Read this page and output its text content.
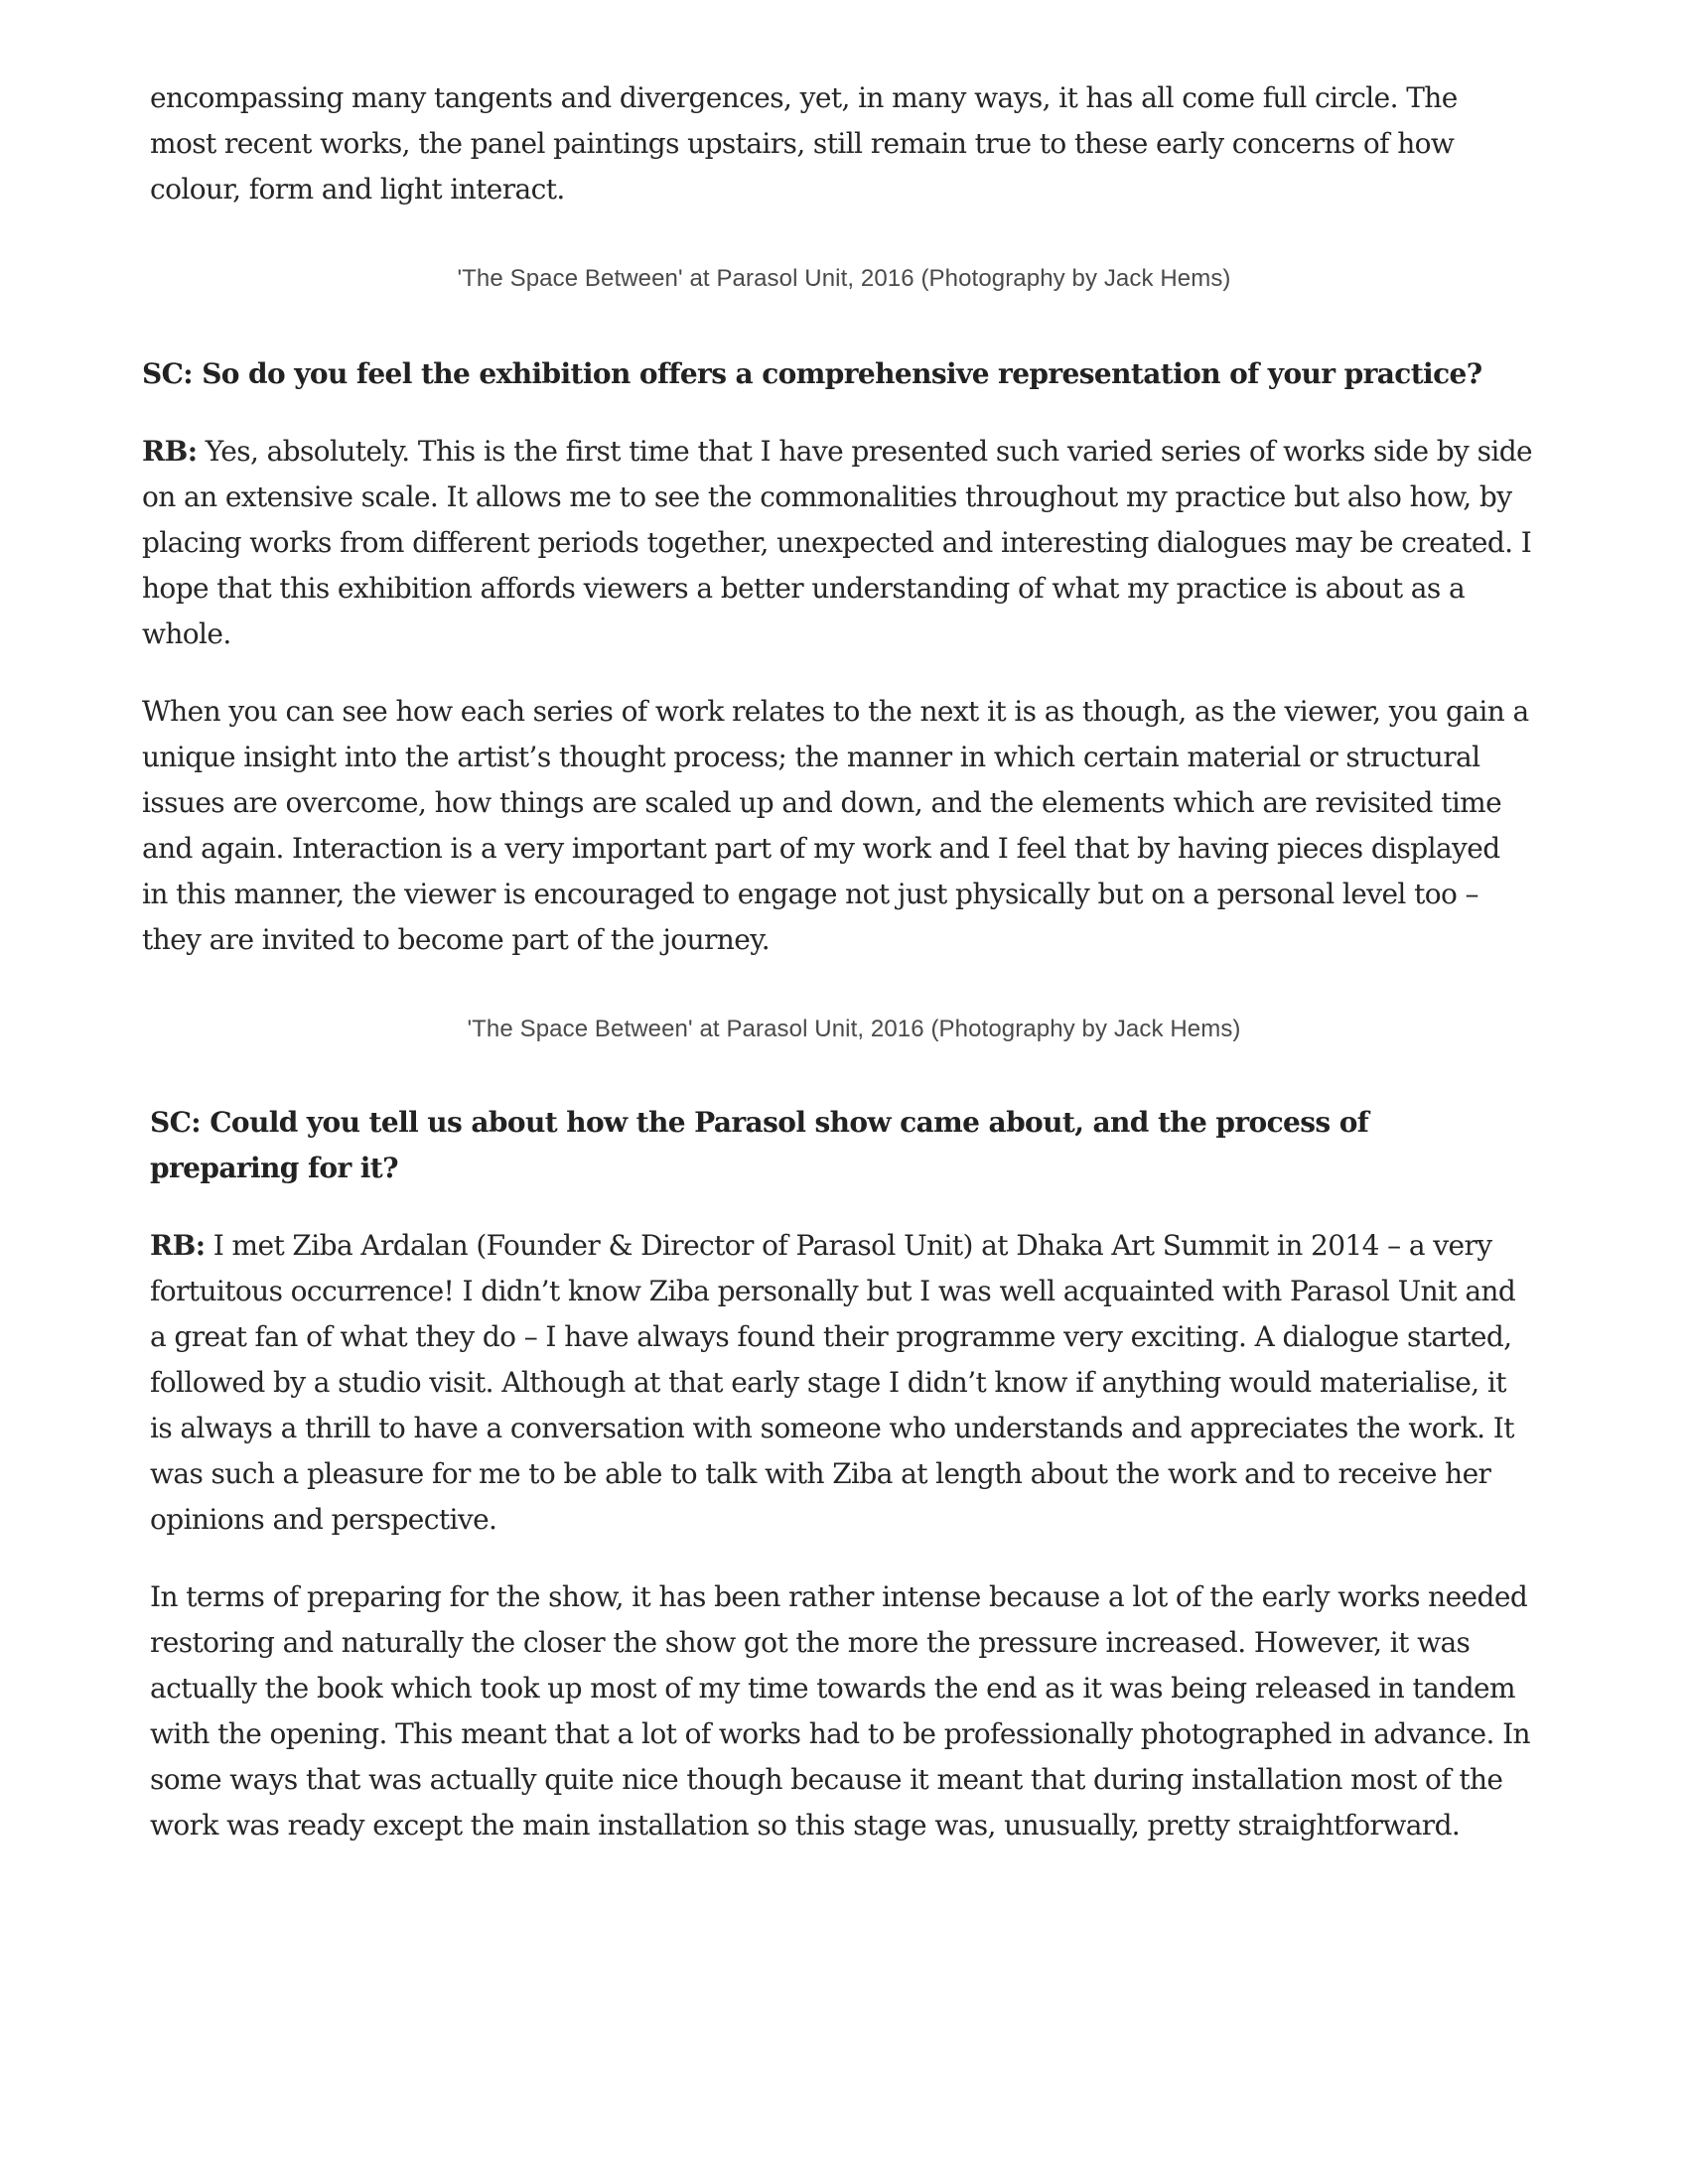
encompassing many tangents and divergences, yet, in many ways, it has all come full circle. The most recent works, the panel paintings upstairs, still remain true to these early concerns of how colour, form and light interact.

'The Space Between' at Parasol Unit, 2016 (Photography by Jack Hems)

SC: So do you feel the exhibition offers a comprehensive representation of your practice?

RB: Yes, absolutely. This is the first time that I have presented such varied series of works side by side on an extensive scale. It allows me to see the commonalities throughout my practice but also how, by placing works from different periods together, unexpected and interesting dialogues may be created. I hope that this exhibition affords viewers a better understanding of what my practice is about as a whole.

When you can see how each series of work relates to the next it is as though, as the viewer, you gain a unique insight into the artist’s thought process; the manner in which certain material or structural issues are overcome, how things are scaled up and down, and the elements which are revisited time and again. Interaction is a very important part of my work and I feel that by having pieces displayed in this manner, the viewer is encouraged to engage not just physically but on a personal level too – they are invited to become part of the journey.

'The Space Between' at Parasol Unit, 2016 (Photography by Jack Hems)

SC: Could you tell us about how the Parasol show came about, and the process of preparing for it?

RB: I met Ziba Ardalan (Founder & Director of Parasol Unit) at Dhaka Art Summit in 2014 – a very fortuitous occurrence! I didn’t know Ziba personally but I was well acquainted with Parasol Unit and a great fan of what they do – I have always found their programme very exciting. A dialogue started, followed by a studio visit. Although at that early stage I didn’t know if anything would materialise, it is always a thrill to have a conversation with someone who understands and appreciates the work. It was such a pleasure for me to be able to talk with Ziba at length about the work and to receive her opinions and perspective.

In terms of preparing for the show, it has been rather intense because a lot of the early works needed restoring and naturally the closer the show got the more the pressure increased. However, it was actually the book which took up most of my time towards the end as it was being released in tandem with the opening. This meant that a lot of works had to be professionally photographed in advance. In some ways that was actually quite nice though because it meant that during installation most of the work was ready except the main installation so this stage was, unusually, pretty straightforward.
